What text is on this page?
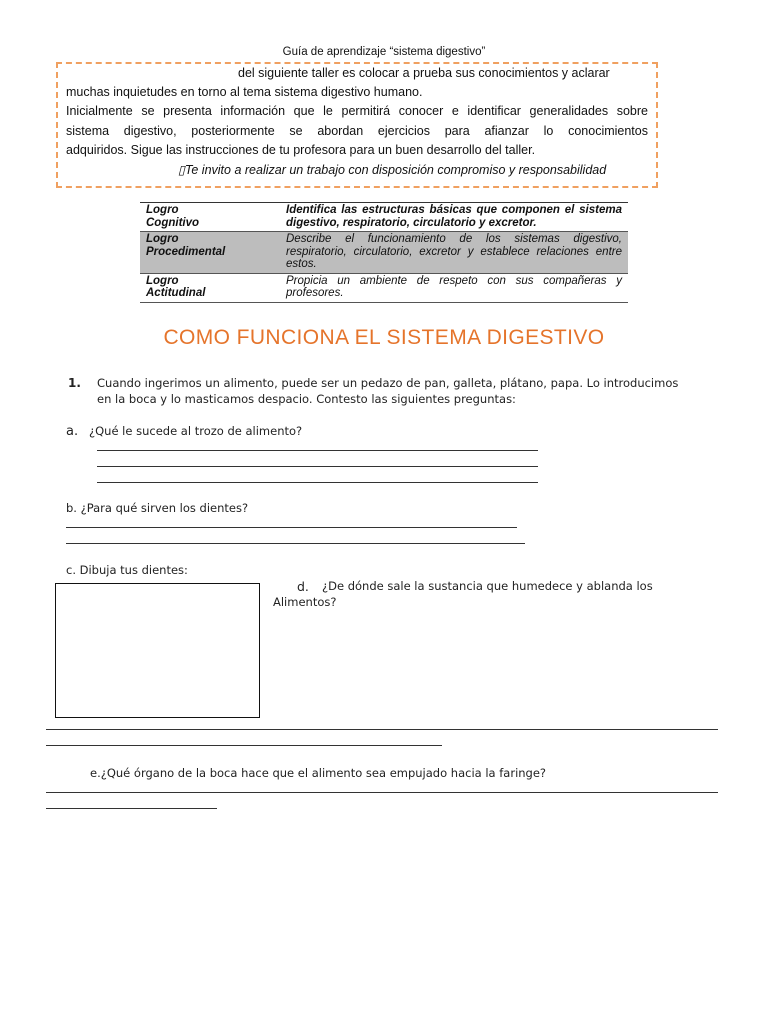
Guía de aprendizaje “sistema digestivo”
del siguiente taller es colocar a prueba sus conocimientos y aclarar
muchas inquietudes en torno al tema sistema digestivo humano.
Inicialmente se presenta información que le permitirá conocer e identificar generalidades sobre
sistema digestivo, posteriormente se abordan ejercicios para afianzar lo conocimientos
adquiridos. Sigue las instrucciones de tu profesora para un buen desarrollo del taller.
▯Te invito a realizar un trabajo con disposición compromiso y responsabilidad
Logro
Cognitivo	Identifica las estructuras básicas que componen el sistema digestivo, respiratorio, circulatorio y excretor.
Logro
Procedimental	Describe el funcionamiento de los sistemas digestivo, respiratorio, circulatorio, excretor y establece relaciones entre estos.
Logro
Actitudinal	Propicia un ambiente de respeto con sus compañeras y profesores.
COMO FUNCIONA EL SISTEMA DIGESTIVO
1. Cuando ingerimos un alimento, puede ser un pedazo de pan, galleta, plátano, papa. Lo introducimos
en la boca y lo masticamos despacio. Contesto las siguientes preguntas:
a. ¿Qué le sucede al trozo de alimento?
b. ¿Para qué sirven los dientes?
c. Dibuja tus dientes:
d. ¿De dónde sale la sustancia que humedece y ablanda los
Alimentos?
e.¿Qué órgano de la boca hace que el alimento sea empujado hacia la faringe?
